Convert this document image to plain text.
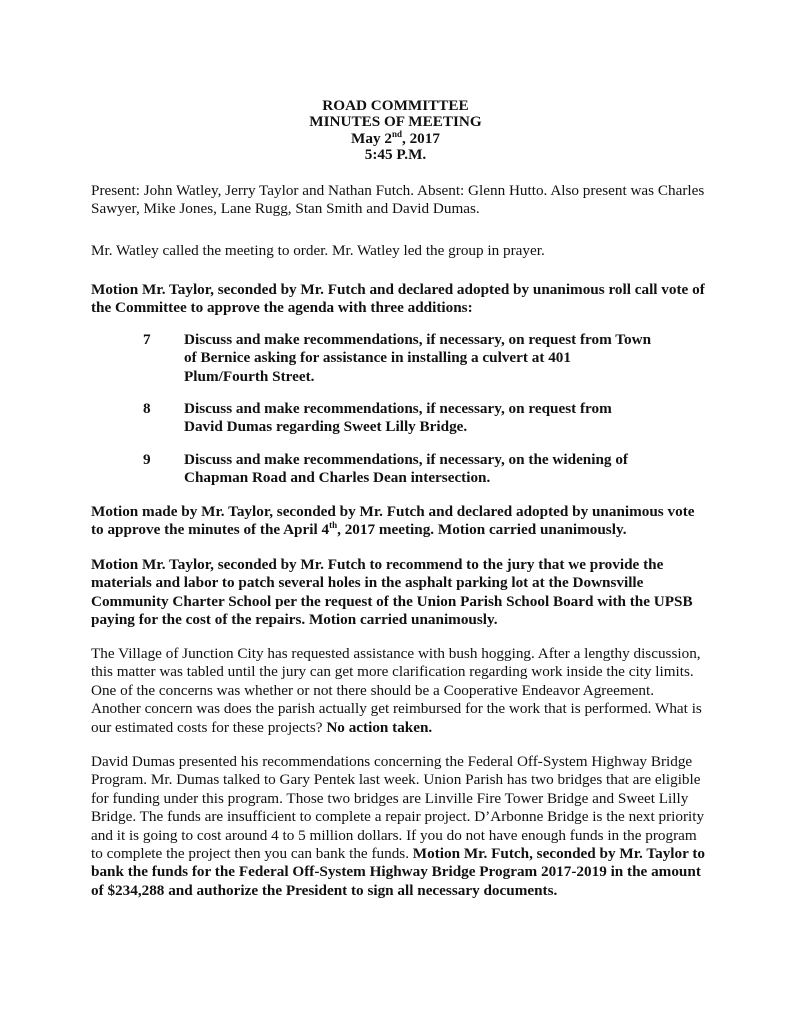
ROAD COMMITTEE
MINUTES OF MEETING
May 2nd, 2017
5:45 P.M.
Present: John Watley, Jerry Taylor and Nathan Futch. Absent: Glenn Hutto. Also present was Charles Sawyer, Mike Jones, Lane Rugg, Stan Smith and David Dumas.
Mr. Watley called the meeting to order. Mr. Watley led the group in prayer.
Motion Mr. Taylor, seconded by Mr. Futch and declared adopted by unanimous roll call vote of the Committee to approve the agenda with three additions:
7	Discuss and make recommendations, if necessary, on request from Town of Bernice asking for assistance in installing a culvert at 401 Plum/Fourth Street.
8	Discuss and make recommendations, if necessary, on request from David Dumas regarding Sweet Lilly Bridge.
9	Discuss and make recommendations, if necessary, on the widening of Chapman Road and Charles Dean intersection.
Motion made by Mr. Taylor, seconded by Mr. Futch and declared adopted by unanimous vote to approve the minutes of the April 4th, 2017 meeting. Motion carried unanimously.
Motion Mr. Taylor, seconded by Mr. Futch to recommend to the jury that we provide the materials and labor to patch several holes in the asphalt parking lot at the Downsville Community Charter School per the request of the Union Parish School Board with the UPSB paying for the cost of the repairs. Motion carried unanimously.
The Village of Junction City has requested assistance with bush hogging. After a lengthy discussion, this matter was tabled until the jury can get more clarification regarding work inside the city limits. One of the concerns was whether or not there should be a Cooperative Endeavor Agreement. Another concern was does the parish actually get reimbursed for the work that is performed. What is our estimated costs for these projects? No action taken.
David Dumas presented his recommendations concerning the Federal Off-System Highway Bridge Program. Mr. Dumas talked to Gary Pentek last week. Union Parish has two bridges that are eligible for funding under this program. Those two bridges are Linville Fire Tower Bridge and Sweet Lilly Bridge. The funds are insufficient to complete a repair project. D’Arbonne Bridge is the next priority and it is going to cost around 4 to 5 million dollars. If you do not have enough funds in the program to complete the project then you can bank the funds. Motion Mr. Futch, seconded by Mr. Taylor to bank the funds for the Federal Off-System Highway Bridge Program 2017-2019 in the amount of $234,288 and authorize the President to sign all necessary documents.
